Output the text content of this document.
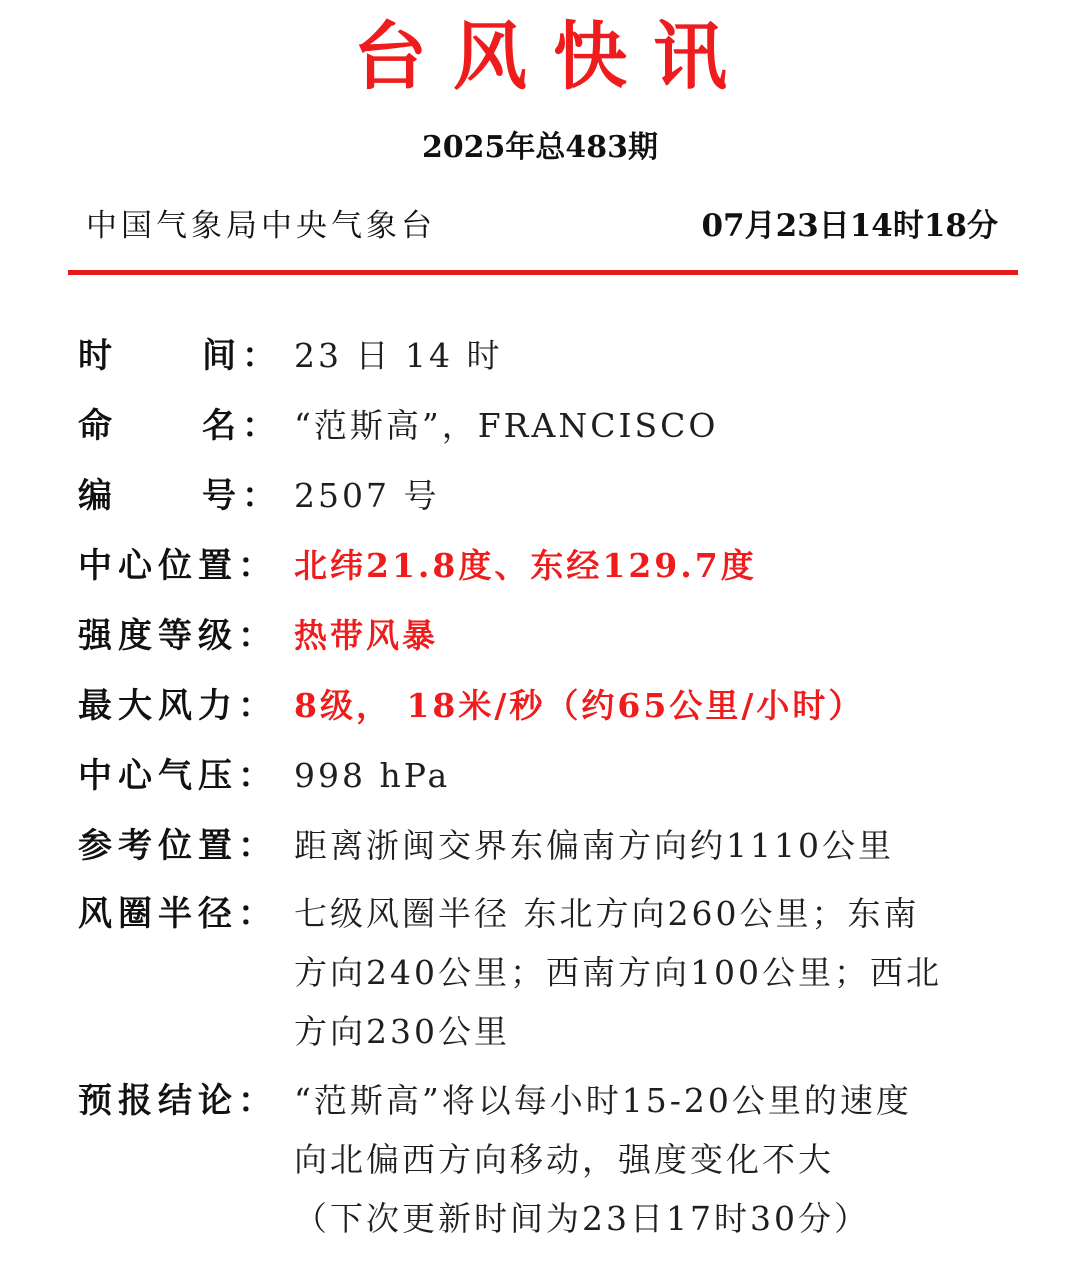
台风快讯
2025年总483期
中国气象局中央气象台	07月23日14时18分
时 间： 23 日 14 时
命 名： “范斯高”，FRANCISCO
编 号： 2507 号
中心位置： 北纬21.8度、东经129.7度
强度等级： 热带风暴
最大风力： 8级， 18米/秒（约65公里/小时）
中心气压： 998 hPa
参考位置： 距离浙闽交界东偏南方向约1110公里
风圈半径： 七级风圈半径 东北方向260公里；东南
方向240公里；西南方向100公里；西北
方向230公里
预报结论： “范斯高”将以每小时15-20公里的速度
向北偏西方向移动，强度变化不大
（下次更新时间为23日17时30分）
